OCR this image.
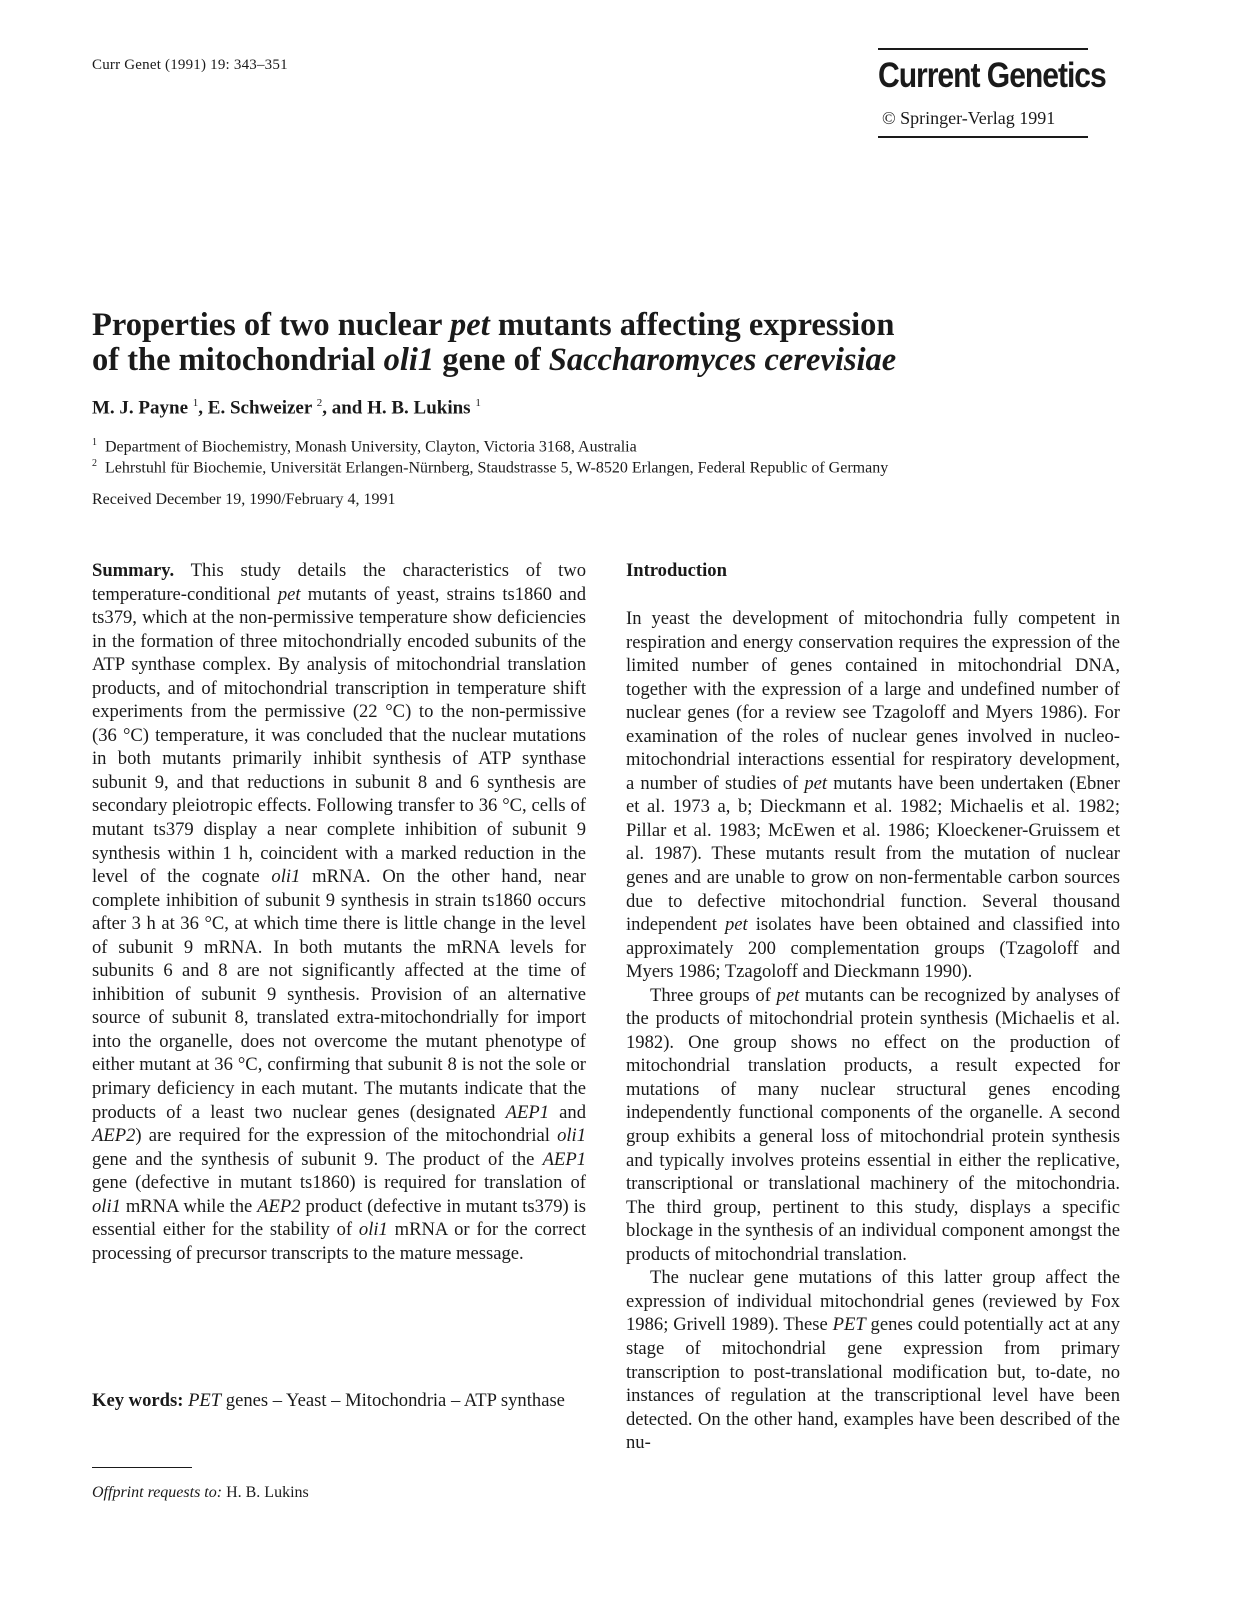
Curr Genet (1991) 19: 343–351	Current Genetics
© Springer-Verlag 1991
Properties of two nuclear pet mutants affecting expression
of the mitochondrial oli1 gene of Saccharomyces cerevisiae
M. J. Payne $^1$, E. Schweizer $^2$, and H. B. Lukins $^1$
$^1$ Department of Biochemistry, Monash University, Clayton, Victoria 3168, Australia
$^2$ Lehrstuhl für Biochemie, Universität Erlangen-Nürnberg, Staudstrasse 5, W-8520 Erlangen, Federal Republic of Germany
Received December 19, 1990/February 4, 1991
Summary. This study details the characteristics of two temperature-conditional pet mutants of yeast, strains ts1860 and ts379, which at the non-permissive temperature show deficiencies in the formation of three mitochondrially encoded subunits of the ATP synthase complex. By analysis of mitochondrial translation products, and of mitochondrial transcription in temperature shift experiments from the permissive (22 °C) to the non-permissive (36 °C) temperature, it was concluded that the nuclear mutations in both mutants primarily inhibit synthesis of ATP synthase subunit 9, and that reductions in subunit 8 and 6 synthesis are secondary pleiotropic effects. Following transfer to 36 °C, cells of mutant ts379 display a near complete inhibition of subunit 9 synthesis within 1 h, coincident with a marked reduction in the level of the cognate oli1 mRNA. On the other hand, near complete inhibition of subunit 9 synthesis in strain ts1860 occurs after 3 h at 36 °C, at which time there is little change in the level of subunit 9 mRNA. In both mutants the mRNA levels for subunits 6 and 8 are not significantly affected at the time of inhibition of subunit 9 synthesis. Provision of an alternative source of subunit 8, translated extra-mitochondrially for import into the organelle, does not overcome the mutant phenotype of either mutant at 36 °C, confirming that subunit 8 is not the sole or primary deficiency in each mutant. The mutants indicate that the products of a least two nuclear genes (designated AEP1 and AEP2) are required for the expression of the mitochondrial oli1 gene and the synthesis of subunit 9. The product of the AEP1 gene (defective in mutant ts1860) is required for translation of oli1 mRNA while the AEP2 product (defective in mutant ts379) is essential either for the stability of oli1 mRNA or for the correct processing of precursor transcripts to the mature message.
Key words: PET genes – Yeast – Mitochondria – ATP synthase
Offprint requests to: H. B. Lukins
Introduction
In yeast the development of mitochondria fully competent in respiration and energy conservation requires the expression of the limited number of genes contained in mitochondrial DNA, together with the expression of a large and undefined number of nuclear genes (for a review see Tzagoloff and Myers 1986). For examination of the roles of nuclear genes involved in nucleo-mitochondrial interactions essential for respiratory development, a number of studies of pet mutants have been undertaken (Ebner et al. 1973 a, b; Dieckmann et al. 1982; Michaelis et al. 1982; Pillar et al. 1983; McEwen et al. 1986; Kloeckener-Gruissem et al. 1987). These mutants result from the mutation of nuclear genes and are unable to grow on non-fermentable carbon sources due to defective mitochondrial function. Several thousand independent pet isolates have been obtained and classified into approximately 200 complementation groups (Tzagoloff and Myers 1986; Tzagoloff and Dieckmann 1990).
Three groups of pet mutants can be recognized by analyses of the products of mitochondrial protein synthesis (Michaelis et al. 1982). One group shows no effect on the production of mitochondrial translation products, a result expected for mutations of many nuclear structural genes encoding independently functional components of the organelle. A second group exhibits a general loss of mitochondrial protein synthesis and typically involves proteins essential in either the replicative, transcriptional or translational machinery of the mitochondria. The third group, pertinent to this study, displays a specific blockage in the synthesis of an individual component amongst the products of mitochondrial translation.
The nuclear gene mutations of this latter group affect the expression of individual mitochondrial genes (reviewed by Fox 1986; Grivell 1989). These PET genes could potentially act at any stage of mitochondrial gene expression from primary transcription to post-translational modification but, to-date, no instances of regulation at the transcriptional level have been detected. On the other hand, examples have been described of the nu-
